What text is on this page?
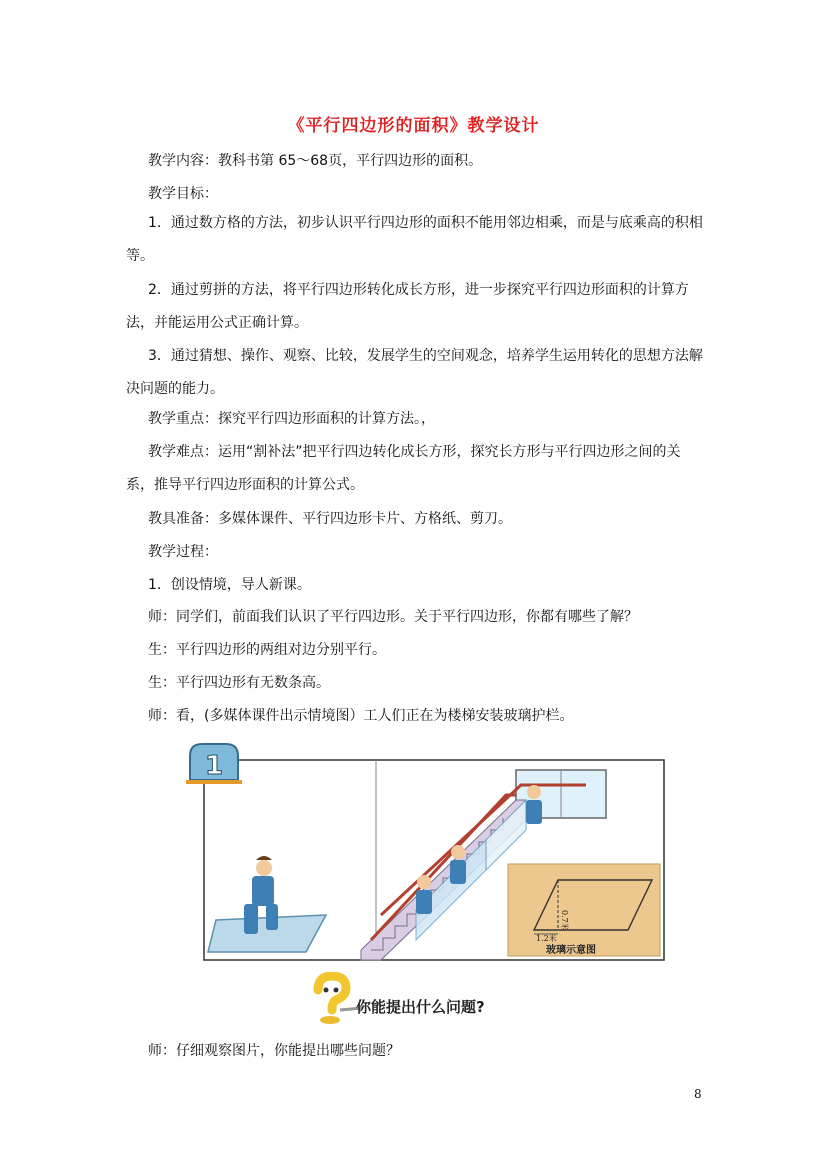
《平行四边形的面积》教学设计
教学内容：教科书第 65～68页，平行四边形的面积。
教学目标：
1．通过数方格的方法，初步认识平行四边形的面积不能用邻边相乘，而是与底乘高的积相等。
2．通过剪拼的方法，将平行四边形转化成长方形，进一步探究平行四边形面积的计算方法，并能运用公式正确计算。
3．通过猜想、操作、观察、比较，发展学生的空间观念，培养学生运用转化的思想方法解决问题的能力。
教学重点：探究平行四边形面积的计算方法。，
教学难点：运用“割补法”把平行四边转化成长方形，探究长方形与平行四边形之间的关系，推导平行四边形面积的计算公式。
教具准备：多媒体课件、平行四边形卡片、方格纸、剪刀。
教学过程：
1．创设情境，导人新课。
师：同学们，前面我们认识了平行四边形。关于平行四边形，你都有哪些了解？
生：平行四边形的两组对边分别平行。
生：平行四边形有无数条高。
师：看，(多媒体课件出示情境图）工人们正在为楼梯安装玻璃护栏。
0.7米
1.2米
玻璃示意图
1
你能提出什么问题?
师：仔细观察图片，你能提出哪些问题？
8
